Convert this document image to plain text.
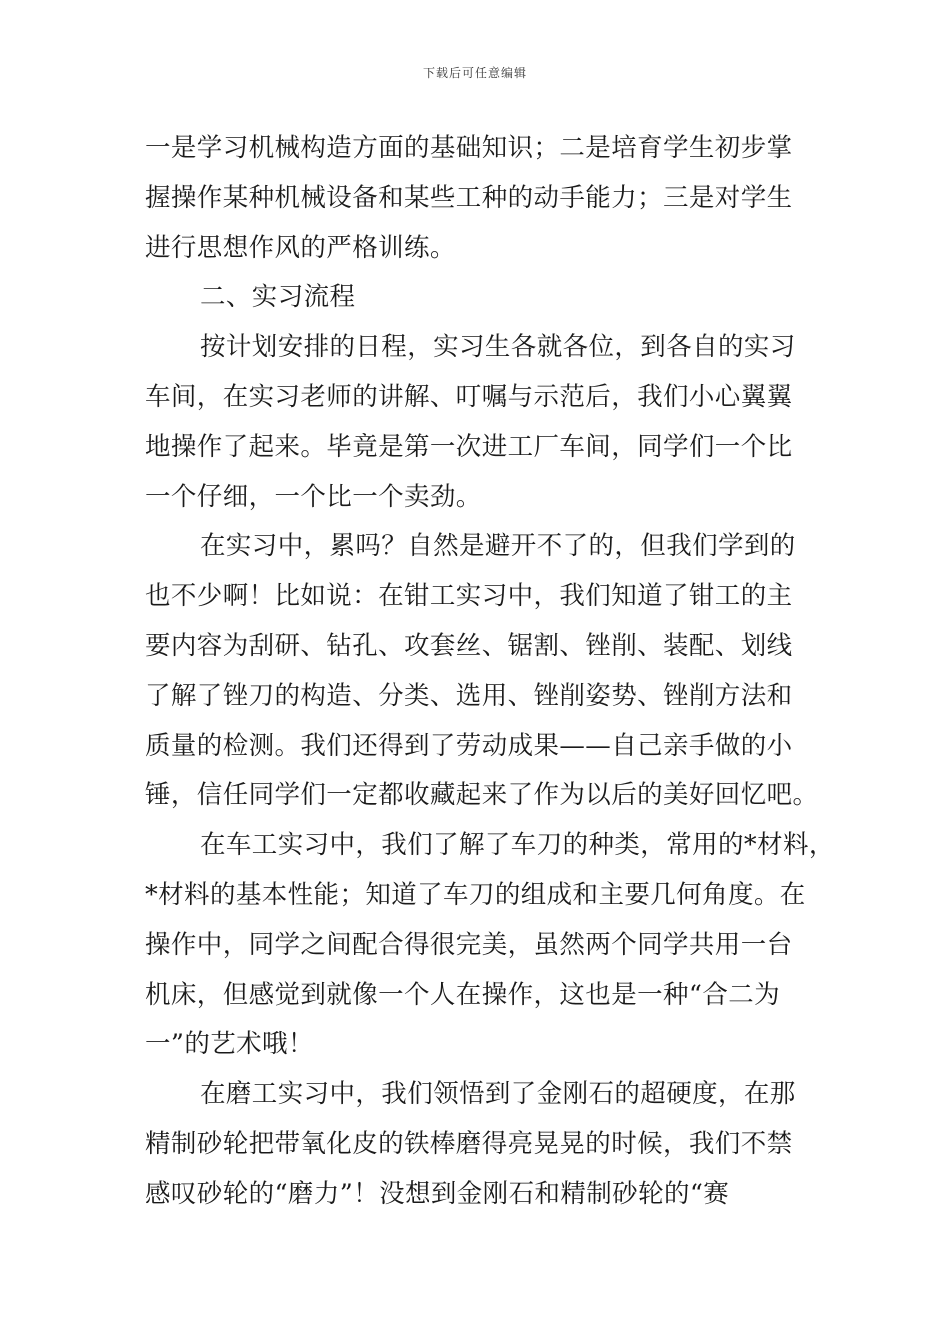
下载后可任意编辑
一是学习机械构造方面的基础知识；二是培育学生初步掌
握操作某种机械设备和某些工种的动手能力；三是对学生
进行思想作风的严格训练。
二、实习流程
按计划安排的日程，实习生各就各位，到各自的实习
车间，在实习老师的讲解、叮嘱与示范后，我们小心翼翼
地操作了起来。毕竟是第一次进工厂车间，同学们一个比
一个仔细，一个比一个卖劲。
在实习中，累吗？自然是避开不了的，但我们学到的
也不少啊！比如说：在钳工实习中，我们知道了钳工的主
要内容为刮研、钻孔、攻套丝、锯割、锉削、装配、划线
了解了锉刀的构造、分类、选用、锉削姿势、锉削方法和
质量的检测。我们还得到了劳动成果——自己亲手做的小
锤，信任同学们一定都收藏起来了作为以后的美好回忆吧。
在车工实习中，我们了解了车刀的种类，常用的*材料，
*材料的基本性能；知道了车刀的组成和主要几何角度。在
操作中，同学之间配合得很完美，虽然两个同学共用一台
机床，但感觉到就像一个人在操作，这也是一种“合二为
一”的艺术哦！
在磨工实习中，我们领悟到了金刚石的超硬度，在那
精制砂轮把带氧化皮的铁棒磨得亮晃晃的时候，我们不禁
感叹砂轮的“磨力”！没想到金刚石和精制砂轮的“赛
